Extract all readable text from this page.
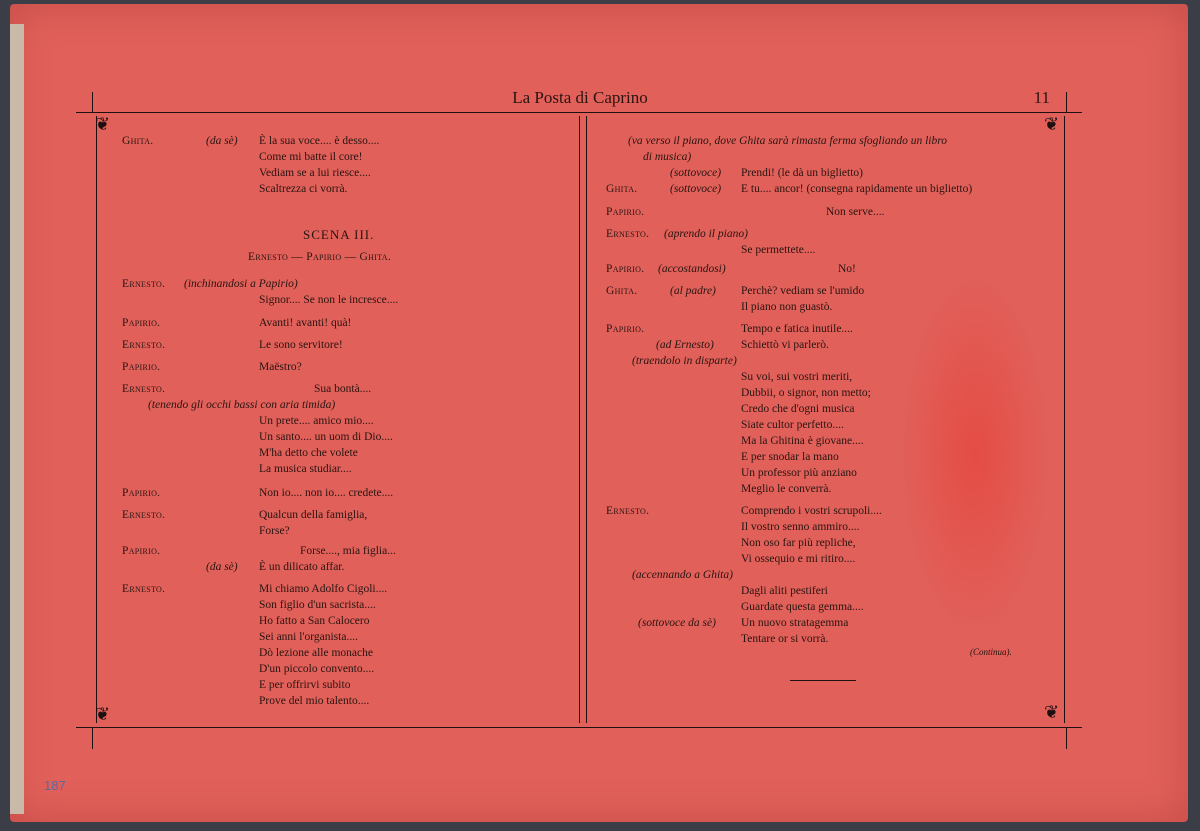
❦	❦
❦	❦
La Posta di Caprino	11
Ghita.	(da sè) È la sua voce.... è desso....
Come mi batte il core!
Vediam se a lui riesce....
Scaltrezza ci vorrà.
SCENA III.
Ernesto — Papirio — Ghita.
Ernesto. (inchinandosi a Papirio)
Signor.... Se non le incresce....
Papirio.	Avanti! avanti! quà!
Ernesto.	Le sono servitore!
Papirio.	Maëstro?
Ernesto.	Sua bontà....
(tenendo gli occhi bassi con aria timida)
Un prete.... amico mio....
Un santo.... un uom di Dio....
M'ha detto che volete
La musica studiar....
Papirio.	Non io.... non io.... credete....
Ernesto.	Qualcun della famiglia,
Forse?
Papirio.	Forse...., mia figlia...
(da sè) È un dilicato affar.
Ernesto.	Mi chiamo Adolfo Cigoli....
Son figlio d'un sacrista....
Ho fatto a San Calocero
Sei anni l'organista....
Dò lezione alle monache
D'un piccolo convento....
E per offrirvi subito
Prove del mio talento....
(va verso il piano, dove Ghita sarà rimasta ferma sfogliando un libro
di musica)
(sottovoce) Prendi! (le dà un biglietto)
Ghita.	(sottovoce) E tu.... ancor! (consegna rapidamente un biglietto)
Papirio.	Non serve....
Ernesto. (aprendo il piano)
Se permettete....
Papirio. (accostandosi)	No!
Ghita.	(al padre) Perchè? vediam se l'umido
Il piano non guastò.
Papirio.	Tempo e fatica inutile....
(ad Ernesto) Schiettò vi parlerò.
(traendolo in disparte)
Su voi, sui vostri meriti,
Dubbii, o signor, non metto;
Credo che d'ogni musica
Siate cultor perfetto....
Ma la Ghitina è giovane....
E per snodar la mano
Un professor più anziano
Meglio le converrà.
Ernesto.	Comprendo i vostri scrupoli....
Il vostro senno ammiro....
Non oso far più repliche,
Vi ossequio e mi ritiro....
(accennando a Ghita)
Dagli aliti pestiferi
Guardate questa gemma....
(sottovoce da sè) Un nuovo stratagemma
Tentare or si vorrà.
(Continua).
187
